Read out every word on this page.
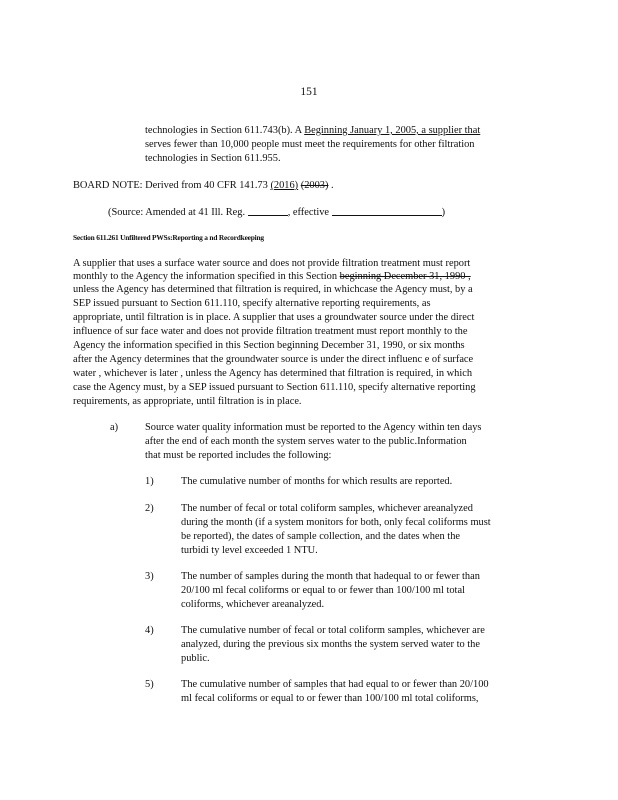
151
technologies in Section 611.743(b). A Beginning January 1, 2005, a supplier that
serves fewer than 10,000 people must meet the requirements for other filtration
technologies in Section 611.955.
BOARD NOTE: Derived from 40 CFR 141.73 (2016) (2003) .
(Source: Amended at 41 Ill. Reg.	, effective	)
Section 611.261 Unfiltered PWSs:Reporting a nd Recordkeeping
A supplier that uses a surface water source and does not provide filtration treatment must report
monthly to the Agency the information specified in this Section beginning December 31, 1990 ,
unless the Agency has determined that filtration is required, in whichcase the Agency must, by a
SEP issued pursuant to Section 611.110, specify alternative reporting requirements, as
appropriate, until filtration is in place. A supplier that uses a groundwater source under the direct
influence of sur face water and does not provide filtration treatment must report monthly to the
Agency the information specified in this Section beginning December 31, 1990, or six months
after the Agency determines that the groundwater source is under the direct influenc e of surface
water , whichever is later , unless the Agency has determined that filtration is required, in which
case the Agency must, by a SEP issued pursuant to Section 611.110, specify alternative reporting
requirements, as appropriate, until filtration is in place.
a)	Source water quality information must be reported to the Agency within ten days
after the end of each month the system serves water to the public.Information
that must be reported includes the following:
1)	The cumulative number of months for which results are reported.
2)	The number of fecal or total coliform samples, whichever areanalyzed
during the month (if a system monitors for both, only fecal coliforms must
be reported), the dates of sample collection, and the dates when the
turbidi ty level exceeded 1 NTU.
3)	The number of samples during the month that hadequal to or fewer than
20/100 ml fecal coliforms or equal to or fewer than 100/100 ml total
coliforms, whichever areanalyzed.
4)	The cumulative number of fecal or total coliform samples, whichever are
analyzed, during the previous six months the system served water to the
public.
5)	The cumulative number of samples that had equal to or fewer than 20/100
ml fecal coliforms or equal to or fewer than 100/100 ml total coliforms,
